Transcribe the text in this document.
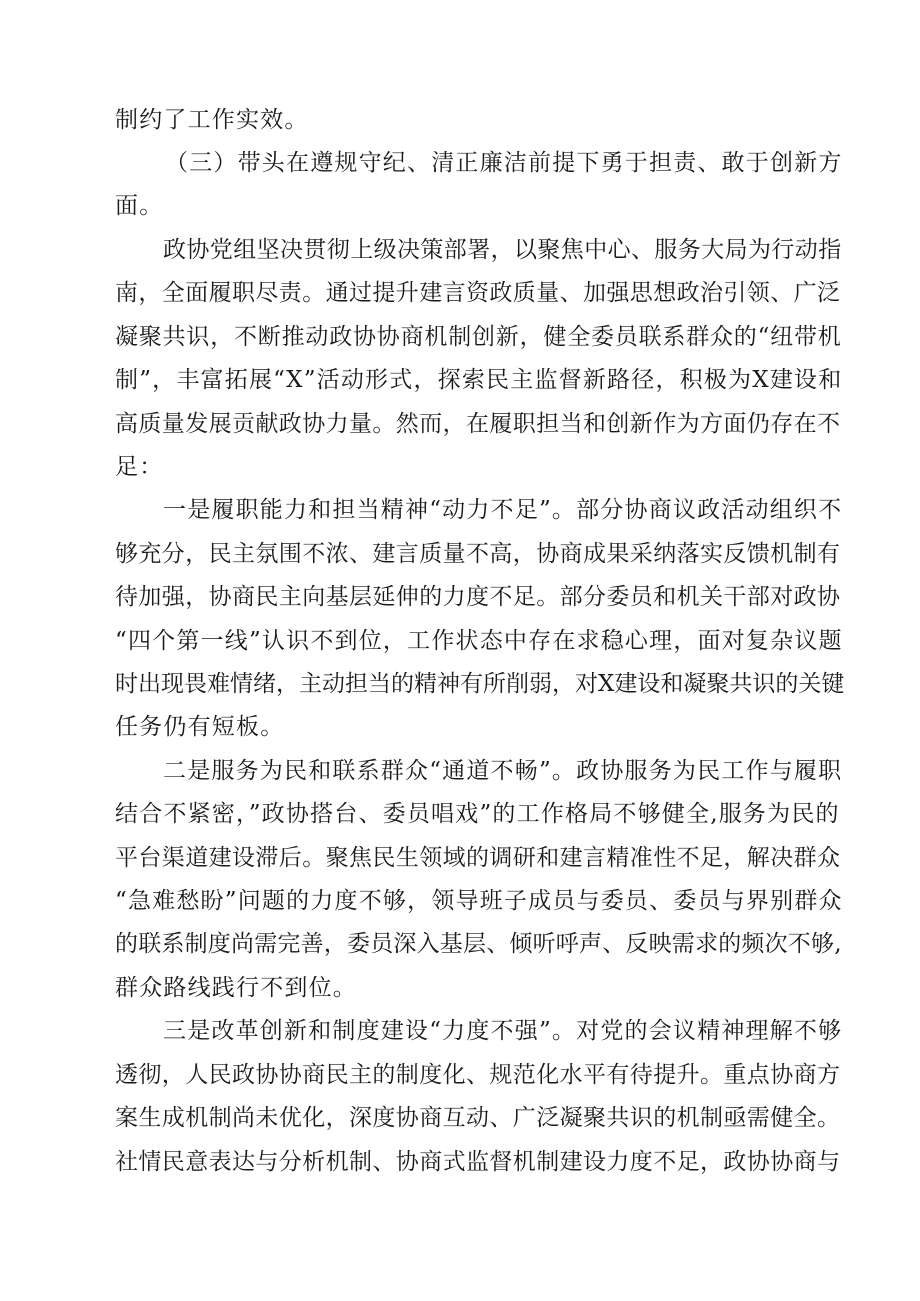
制约了工作实效。
（三）带头在遵规守纪、清正廉洁前提下勇于担责、敢于创新方
面。
政协党组坚决贯彻上级决策部署，以聚焦中心、服务大局为行动指
南，全面履职尽责。通过提升建言资政质量、加强思想政治引领、广泛
凝聚共识，不断推动政协协商机制创新，健全委员联系群众的“纽带机
制”，丰富拓展“X”活动形式，探索民主监督新路径，积极为X建设和
高质量发展贡献政协力量。然而，在履职担当和创新作为方面仍存在不
足：
一是履职能力和担当精神“动力不足”。部分协商议政活动组织不
够充分，民主氛围不浓、建言质量不高，协商成果采纳落实反馈机制有
待加强，协商民主向基层延伸的力度不足。部分委员和机关干部对政协
“四个第一线”认识不到位，工作状态中存在求稳心理，面对复杂议题
时出现畏难情绪，主动担当的精神有所削弱，对X建设和凝聚共识的关键
任务仍有短板。
二是服务为民和联系群众“通道不畅”。政协服务为民工作与履职
结合不紧密，”政协搭台、委员唱戏”的工作格局不够健全,服务为民的
平台渠道建设滞后。聚焦民生领域的调研和建言精准性不足，解决群众
“急难愁盼”问题的力度不够，领导班子成员与委员、委员与界别群众
的联系制度尚需完善，委员深入基层、倾听呼声、反映需求的频次不够,
群众路线践行不到位。
三是改革创新和制度建设“力度不强”。对党的会议精神理解不够
透彻，人民政协协商民主的制度化、规范化水平有待提升。重点协商方
案生成机制尚未优化，深度协商互动、广泛凝聚共识的机制亟需健全。
社情民意表达与分析机制、协商式监督机制建设力度不足，政协协商与
